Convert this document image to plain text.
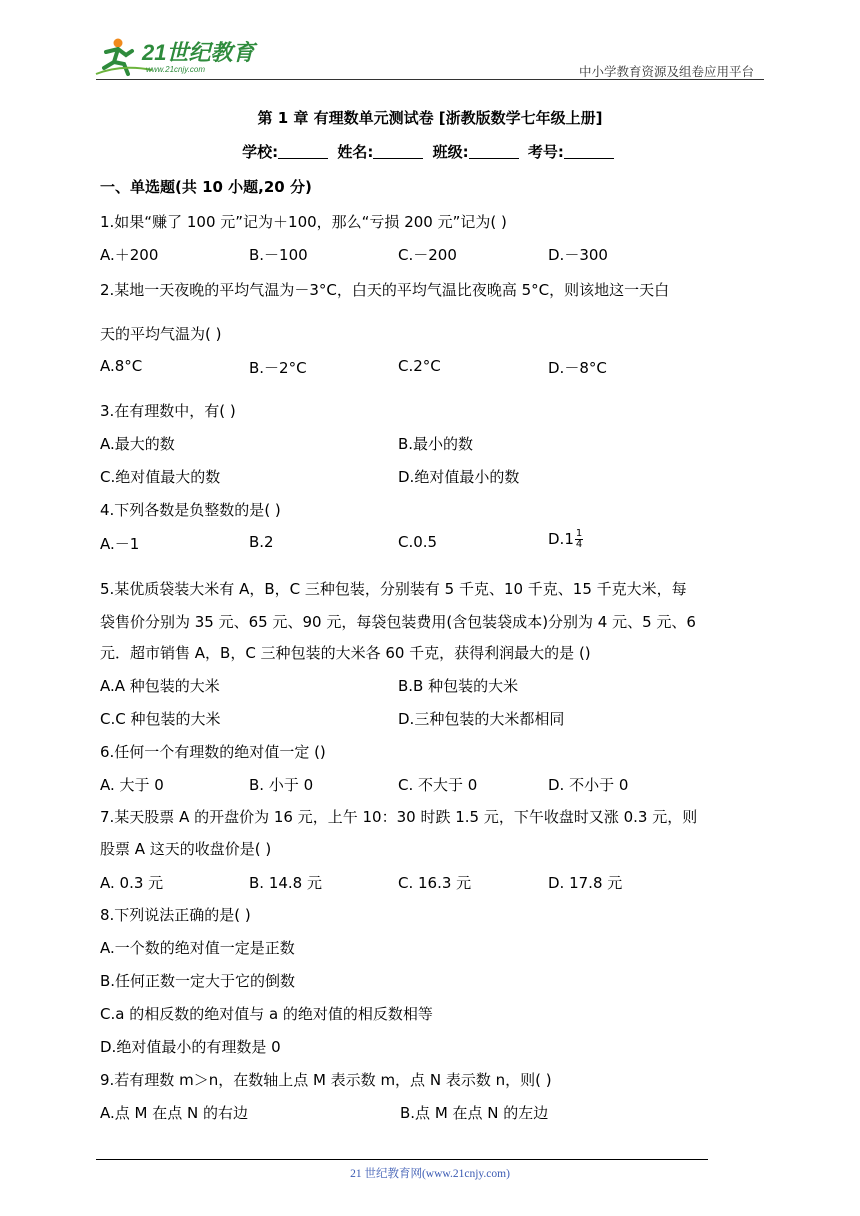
21世纪教育
www.21cnjy.com	中小学教育资源及组卷应用平台
第 1 章 有理数单元测试卷 [浙教版数学七年级上册]
学校:	姓名:	班级:	考号:
一、单选题(共 10 小题,20 分)
1.如果“赚了 100 元”记为＋100，那么“亏损 200 元”记为( )
A.＋200	B.－100	C.－200	D.－300
2.某地一天夜晚的平均气温为－3°C，白天的平均气温比夜晚高 5°C，则该地这一天白
天的平均气温为( )
A.8°C	B.－2°C	C.2°C	D.－8°C
3.在有理数中，有( )
A.最大的数	B.最小的数
C.绝对值最大的数	D.绝对值最小的数
4.下列各数是负整数的是( )
A.－1	B.2	C.0.5	$D.1 \frac{1}{4}$
5.某优质袋装大米有 A，B，C 三种包装，分别装有 5 千克、10 千克、15 千克大米，每
袋售价分别为 35 元、65 元、90 元，每袋包装费用(含包装袋成本)分别为 4 元、5 元、6
元．超市销售 A，B，C 三种包装的大米各 60 千克，获得利润最大的是 ()
A.A 种包装的大米	B.B 种包装的大米
C.C 种包装的大米	D.三种包装的大米都相同
6.任何一个有理数的绝对值一定 ()
A. 大于 0	B. 小于 0	C. 不大于 0	D. 不小于 0
7.某天股票 A 的开盘价为 16 元，上午 10：30 时跌 1.5 元，下午收盘时又涨 0.3 元，则
股票 A 这天的收盘价是( )
A. 0.3 元	B. 14.8 元	C. 16.3 元	D. 17.8 元
8.下列说法正确的是( )
A.一个数的绝对值一定是正数
B.任何正数一定大于它的倒数
C.a 的相反数的绝对值与 a 的绝对值的相反数相等
D.绝对值最小的有理数是 0
9.若有理数 m＞n，在数轴上点 M 表示数 m，点 N 表示数 n，则( )
A.点 M 在点 N 的右边	B.点 M 在点 N 的左边
21 世纪教育网(www.21cnjy.com)
